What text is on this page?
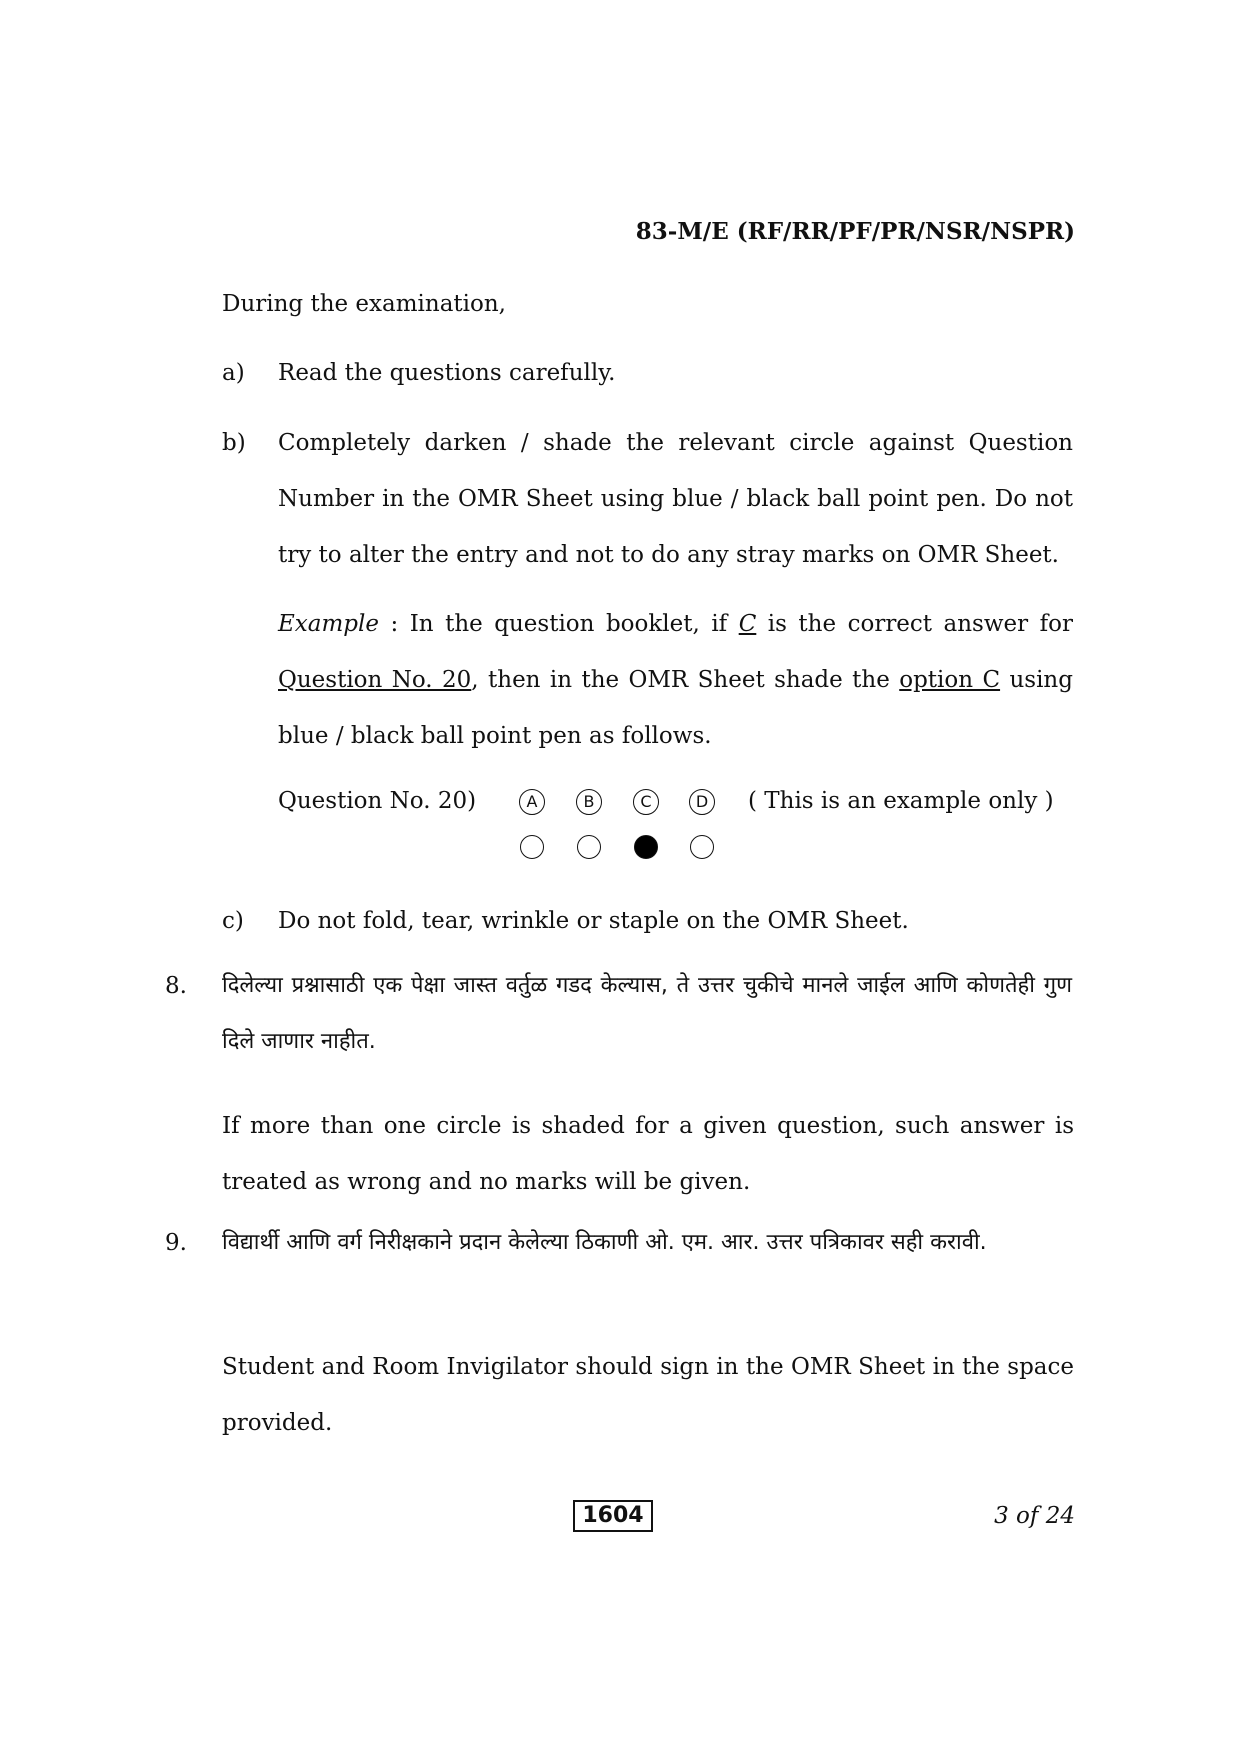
83-M/E (RF/RR/PF/PR/NSR/NSPR)
During the examination,
a) Read the questions carefully.
b) Completely darken / shade the relevant circle against Question Number in the OMR Sheet using blue / black ball point pen. Do not try to alter the entry and not to do any stray marks on OMR Sheet.
Example : In the question booklet, if C is the correct answer for Question No. 20, then in the OMR Sheet shade the option C using blue / black ball point pen as follows.
Question No. 20)	A	B	C	D ( This is an example only )
c) Do not fold, tear, wrinkle or staple on the OMR Sheet.
8. दिलेल्या प्रश्नासाठी एक पेक्षा जास्त वर्तुळ गडद केल्यास, ते उत्तर चुकीचे मानले जाईल आणि कोणतेही गुण दिले जाणार नाहीत.
If more than one circle is shaded for a given question, such answer is treated as wrong and no marks will be given.
9. विद्यार्थी आणि वर्ग निरीक्षकाने प्रदान केलेल्या ठिकाणी ओ. एम. आर. उत्तर पत्रिकावर सही करावी.
Student and Room Invigilator should sign in the OMR Sheet in the space provided.
1604	3 of 24
